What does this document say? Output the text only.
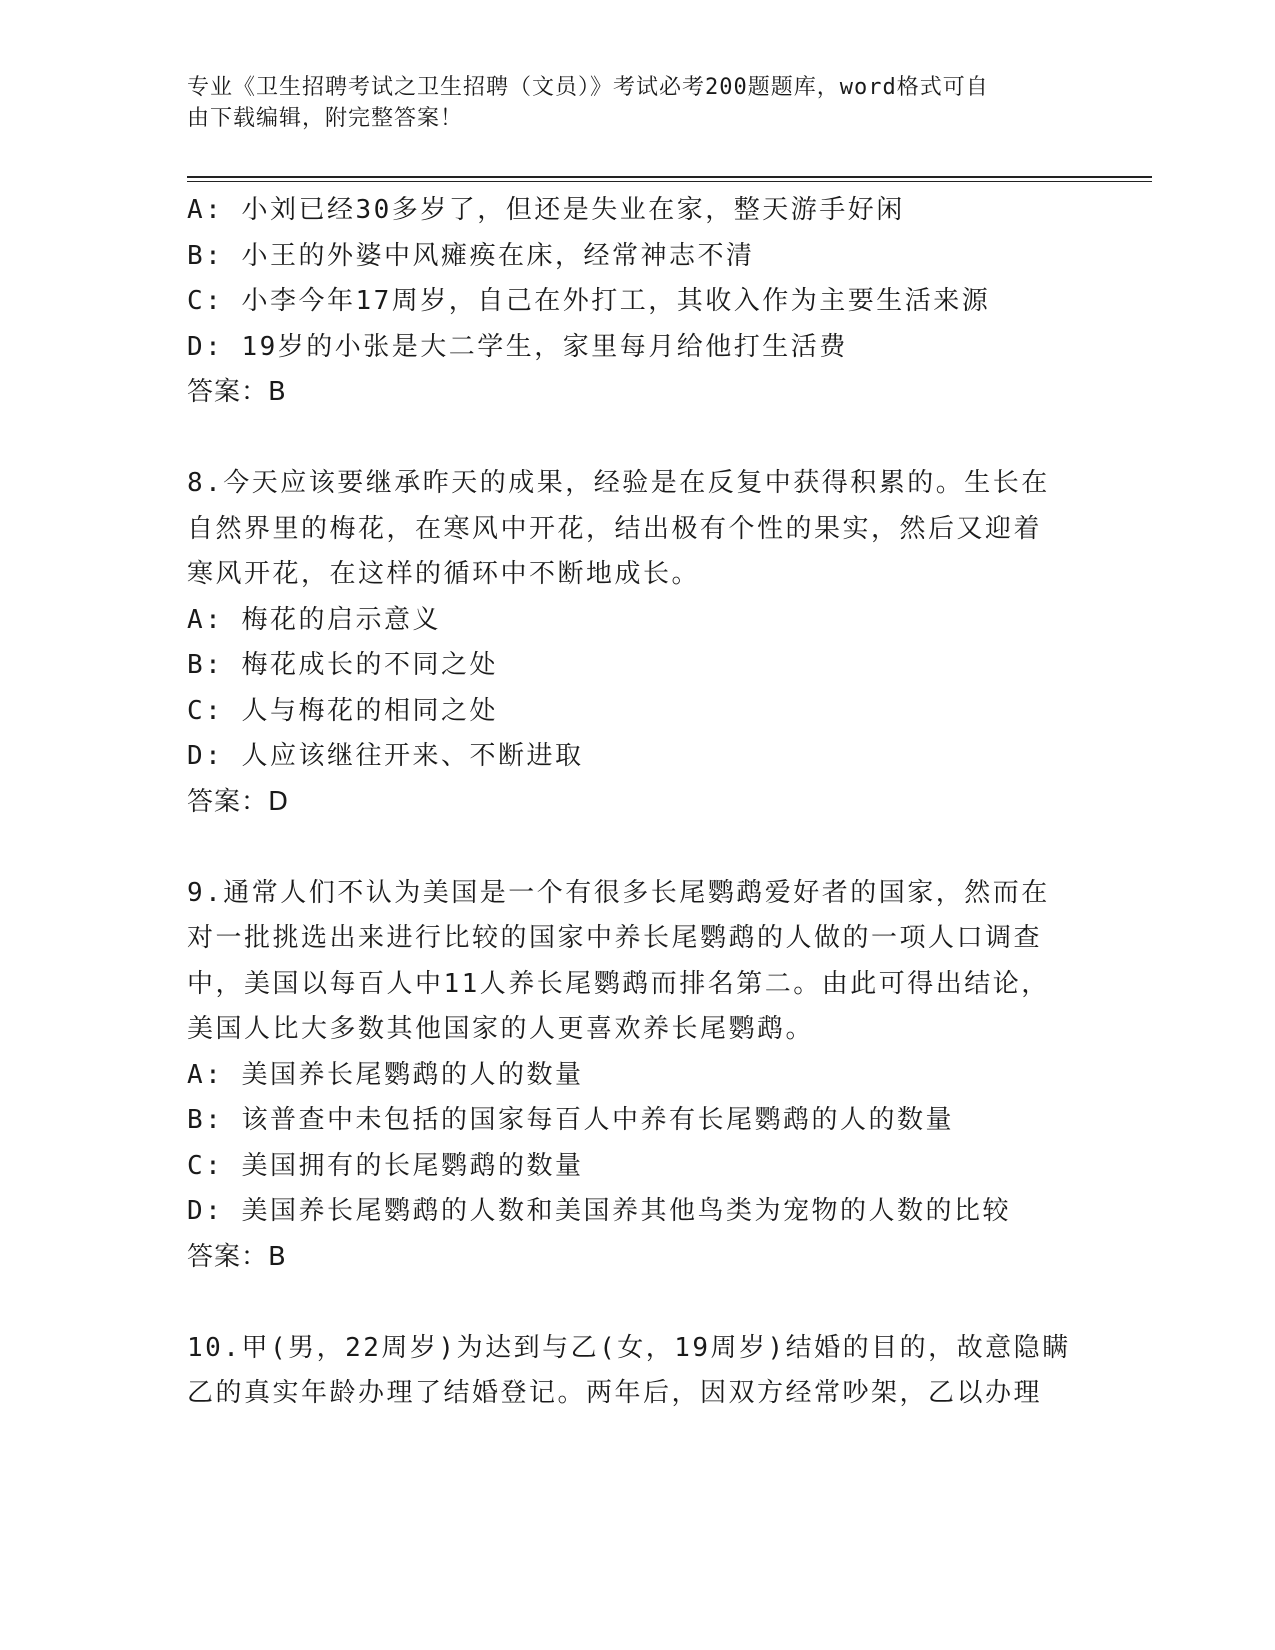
专业《卫生招聘考试之卫生招聘（文员）》考试必考200题题库，word格式可自
由下载编辑，附完整答案！
A: 小刘已经30多岁了，但还是失业在家，整天游手好闲
B: 小王的外婆中风瘫痪在床，经常神志不清
C: 小李今年17周岁，自己在外打工，其收入作为主要生活来源
D: 19岁的小张是大二学生，家里每月给他打生活费
答案：B
8.今天应该要继承昨天的成果，经验是在反复中获得积累的。生长在
自然界里的梅花，在寒风中开花，结出极有个性的果实，然后又迎着
寒风开花，在这样的循环中不断地成长。
A: 梅花的启示意义
B: 梅花成长的不同之处
C: 人与梅花的相同之处
D: 人应该继往开来、不断进取
答案：D
9.通常人们不认为美国是一个有很多长尾鹦鹉爱好者的国家，然而在
对一批挑选出来进行比较的国家中养长尾鹦鹉的人做的一项人口调查
中，美国以每百人中11人养长尾鹦鹉而排名第二。由此可得出结论，
美国人比大多数其他国家的人更喜欢养长尾鹦鹉。
A: 美国养长尾鹦鹉的人的数量
B: 该普查中未包括的国家每百人中养有长尾鹦鹉的人的数量
C: 美国拥有的长尾鹦鹉的数量
D: 美国养长尾鹦鹉的人数和美国养其他鸟类为宠物的人数的比较
答案：B
10.甲(男，22周岁)为达到与乙(女，19周岁)结婚的目的，故意隐瞒
乙的真实年龄办理了结婚登记。两年后，因双方经常吵架，乙以办理
